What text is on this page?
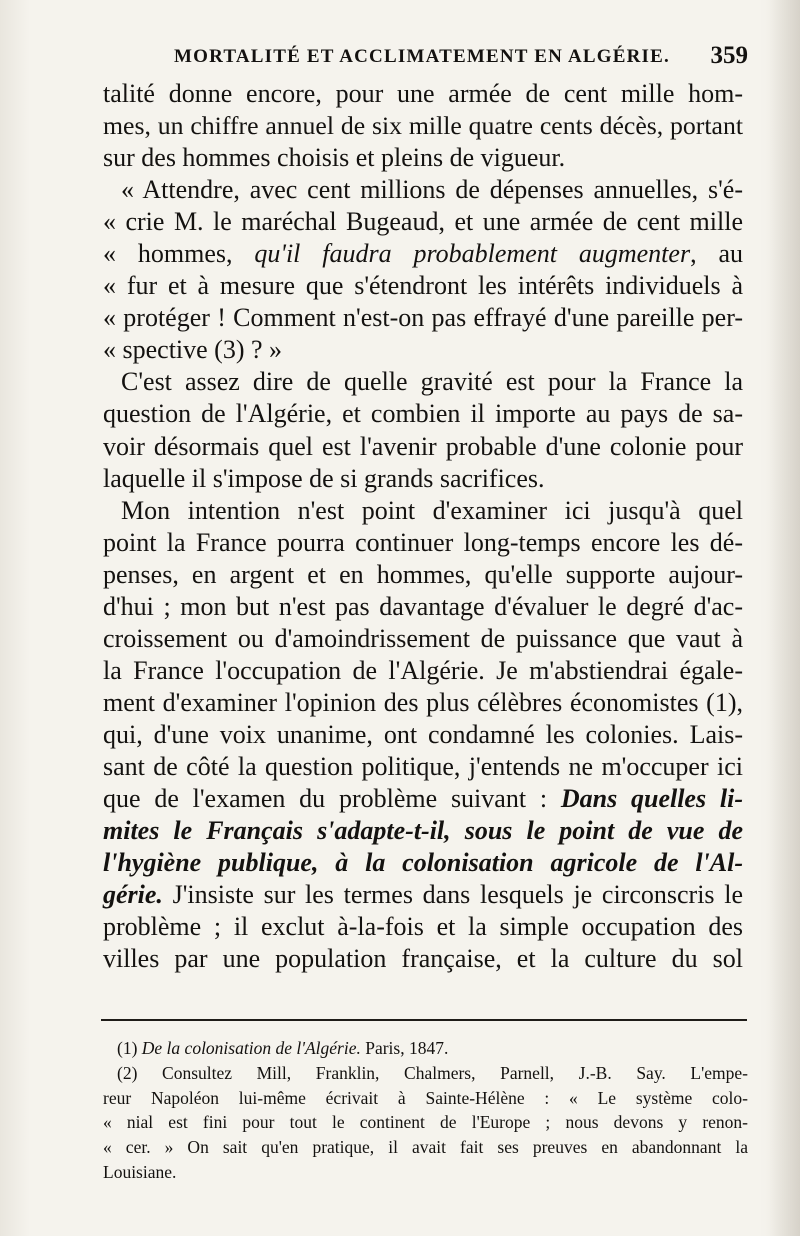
MORTALITÉ ET ACCLIMATEMENT EN ALGÉRIE. 359
talité donne encore, pour une armée de cent mille hom-
mes, un chiffre annuel de six mille quatre cents décès, portant
sur des hommes choisis et pleins de vigueur.
« Attendre, avec cent millions de dépenses annuelles, s'é-
« crie M. le maréchal Bugeaud, et une armée de cent mille
« hommes, qu'il faudra probablement augmenter, au
« fur et à mesure que s'étendront les intérêts individuels à
« protéger ! Comment n'est-on pas effrayé d'une pareille per-
« spective (3) ? »
C'est assez dire de quelle gravité est pour la France la
question de l'Algérie, et combien il importe au pays de sa-
voir désormais quel est l'avenir probable d'une colonie pour
laquelle il s'impose de si grands sacrifices.
Mon intention n'est point d'examiner ici jusqu'à quel
point la France pourra continuer long-temps encore les dé-
penses, en argent et en hommes, qu'elle supporte aujour-
d'hui ; mon but n'est pas davantage d'évaluer le degré d'ac-
croissement ou d'amoindrissement de puissance que vaut à
la France l'occupation de l'Algérie. Je m'abstiendrai égale-
ment d'examiner l'opinion des plus célèbres économistes (1),
qui, d'une voix unanime, ont condamné les colonies. Lais-
sant de côté la question politique, j'entends ne m'occuper ici
que de l'examen du problème suivant : Dans quelles li-
mites le Français s'adapte-t-il, sous le point de vue de
l'hygiène publique, à la colonisation agricole de l'Al-
gérie. J'insiste sur les termes dans lesquels je circonscris le
problème ; il exclut à-la-fois et la simple occupation des
villes par une population française, et la culture du sol
(1) De la colonisation de l'Algérie. Paris, 1847.
(2) Consultez Mill, Franklin, Chalmers, Parnell, J.-B. Say. L'empe-
reur Napoléon lui-même écrivait à Sainte-Hélène : « Le système colo-
« nial est fini pour tout le continent de l'Europe ; nous devons y renon-
« cer. » On sait qu'en pratique, il avait fait ses preuves en abandonnant la
Louisiane.
